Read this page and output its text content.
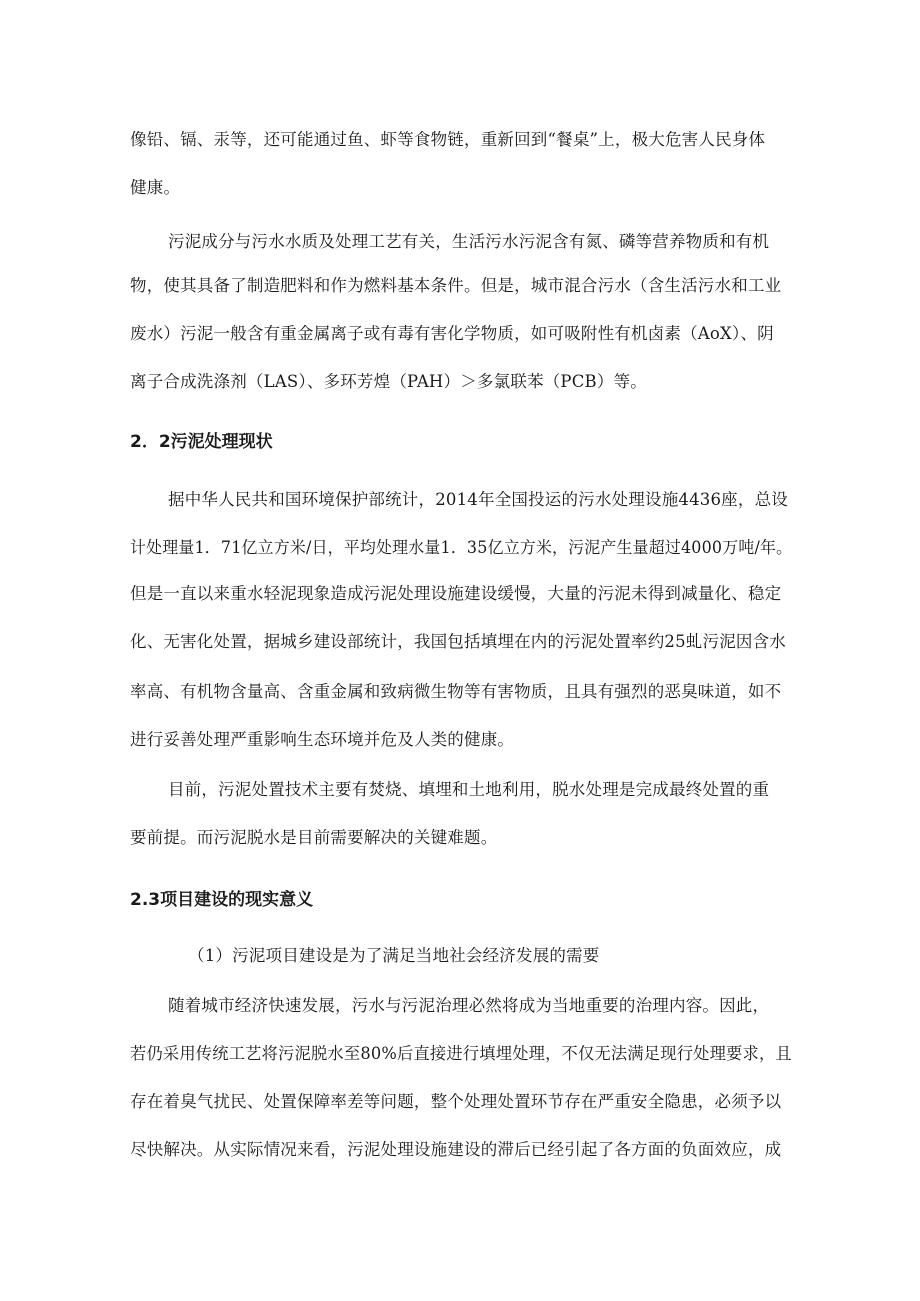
像铅、镉、汞等，还可能通过鱼、虾等食物链，重新回到“餐桌”上，极大危害人民身体
健康。
污泥成分与污水水质及处理工艺有关，生活污水污泥含有氮、磷等营养物质和有机
物，使其具备了制造肥料和作为燃料基本条件。但是，城市混合污水（含生活污水和工业
废水）污泥一般含有重金属离子或有毒有害化学物质，如可吸附性有机卤素（AoX）、阴
离子合成洗涤剂（LAS）、多环芳煌（PAH）＞多氯联苯（PCB）等。
2．2污泥处理现状
据中华人民共和国环境保护部统计，2014年全国投运的污水处理设施4436座，总设
计处理量1．71亿立方米/日，平均处理水量1．35亿立方米，污泥产生量超过4000万吨/年。
但是一直以来重水轻泥现象造成污泥处理设施建设缓慢，大量的污泥未得到减量化、稳定
化、无害化处置，据城乡建设部统计，我国包括填埋在内的污泥处置率约25虬污泥因含水
率高、有机物含量高、含重金属和致病微生物等有害物质，且具有强烈的恶臭味道，如不
进行妥善处理严重影响生态环境并危及人类的健康。
目前，污泥处置技术主要有焚烧、填埋和土地利用，脱水处理是完成最终处置的重
要前提。而污泥脱水是目前需要解决的关键难题。
2.3项目建设的现实意义
（1）污泥项目建设是为了满足当地社会经济发展的需要
随着城市经济快速发展，污水与污泥治理必然将成为当地重要的治理内容。因此，
若仍采用传统工艺将污泥脱水至80%后直接进行填埋处理，不仅无法满足现行处理要求，且
存在着臭气扰民、处置保障率差等问题，整个处理处置环节存在严重安全隐患，必须予以
尽快解决。从实际情况来看，污泥处理设施建设的滞后已经引起了各方面的负面效应，成
